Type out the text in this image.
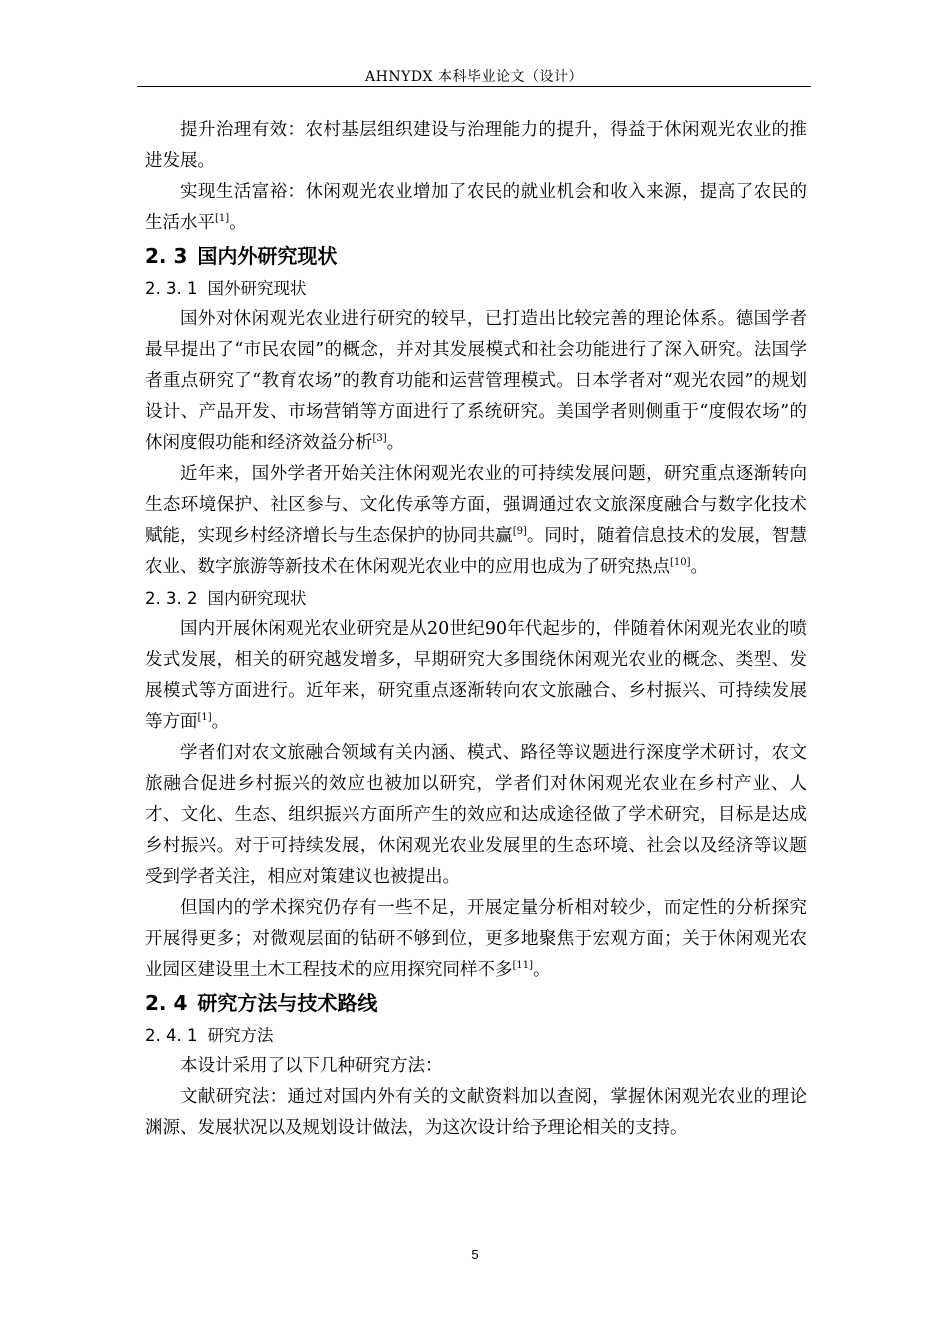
AHNYDX 本科毕业论文（设计）

提升治理有效：农村基层组织建设与治理能力的提升，得益于休闲观光农业的推进发展。

实现生活富裕：休闲观光农业增加了农民的就业机会和收入来源，提高了农民的生活水平[1]。

2. 3 国内外研究现状
2. 3. 1 国外研究现状

国外对休闲观光农业进行研究的较早，已打造出比较完善的理论体系。德国学者最早提出了“市民农园”的概念，并对其发展模式和社会功能进行了深入研究。法国学者重点研究了“教育农场”的教育功能和运营管理模式。日本学者对“观光农园”的规划设计、产品开发、市场营销等方面进行了系统研究。美国学者则侧重于“度假农场”的休闲度假功能和经济效益分析[3]。

近年来，国外学者开始关注休闲观光农业的可持续发展问题，研究重点逐渐转向生态环境保护、社区参与、文化传承等方面，强调通过农文旅深度融合与数字化技术赋能，实现乡村经济增长与生态保护的协同共赢[9]。同时，随着信息技术的发展，智慧农业、数字旅游等新技术在休闲观光农业中的应用也成为了研究热点[10]。

2. 3. 2 国内研究现状

国内开展休闲观光农业研究是从20世纪90年代起步的，伴随着休闲观光农业的喷发式发展，相关的研究越发增多，早期研究大多围绕休闲观光农业的概念、类型、发展模式等方面进行。近年来，研究重点逐渐转向农文旅融合、乡村振兴、可持续发展等方面[1]。

学者们对农文旅融合领域有关内涵、模式、路径等议题进行深度学术研讨，农文旅融合促进乡村振兴的效应也被加以研究，学者们对休闲观光农业在乡村产业、人才、文化、生态、组织振兴方面所产生的效应和达成途径做了学术研究，目标是达成乡村振兴。对于可持续发展，休闲观光农业发展里的生态环境、社会以及经济等议题受到学者关注，相应对策建议也被提出。

但国内的学术探究仍存有一些不足，开展定量分析相对较少，而定性的分析探究开展得更多；对微观层面的钻研不够到位，更多地聚焦于宏观方面；关于休闲观光农业园区建设里土木工程技术的应用探究同样不多[11]。

2. 4 研究方法与技术路线
2. 4. 1 研究方法

本设计采用了以下几种研究方法：

文献研究法：通过对国内外有关的文献资料加以查阅，掌握休闲观光农业的理论渊源、发展状况以及规划设计做法，为这次设计给予理论相关的支持。

5
